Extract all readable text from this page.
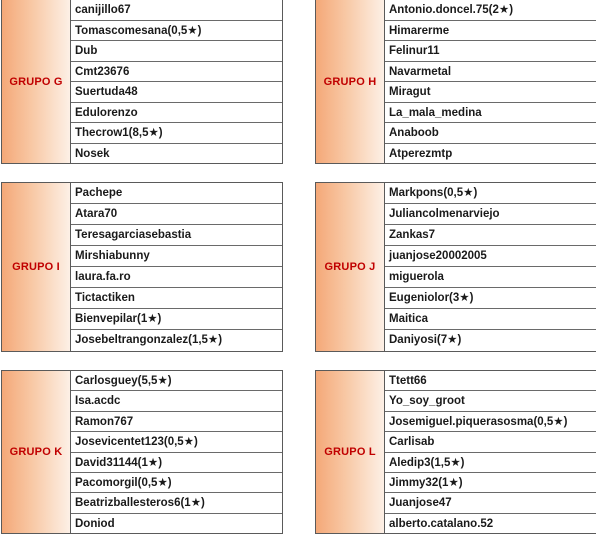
GRUPO G
canijillo67
Tomascomesana(0,5★)
Dub
Cmt23676
Suertuda48
Edulorenzo
Thecrow1(8,5★)
Nosek
GRUPO H
Antonio.doncel.75(2★)
Himarerme
Felinur11
Navarmetal
Miragut
La_mala_medina
Anaboob
Atperezmtp
GRUPO I
Pachepe
Atara70
Teresagarciasebastia
Mirshiabunny
laura.fa.ro
Tictactiken
Bienvepilar(1★)
Josebeltrangonzalez(1,5★)
GRUPO J
Markpons(0,5★)
Juliancolmenarviejo
Zankas7
juanjose20002005
miguerola
Eugeniolor(3★)
Maitica
Daniyosi(7★)
GRUPO K
Carlosguey(5,5★)
Isa.acdc
Ramon767
Josevicentet123(0,5★)
David31144(1★)
Pacomorgil(0,5★)
Beatrizballesteros6(1★)
Doniod
GRUPO L
Ttett66
Yo_soy_groot
Josemiguel.piquerasosma(0,5★)
Carlisab
Aledip3(1,5★)
Jimmy32(1★)
Juanjose47
alberto.catalano.52
